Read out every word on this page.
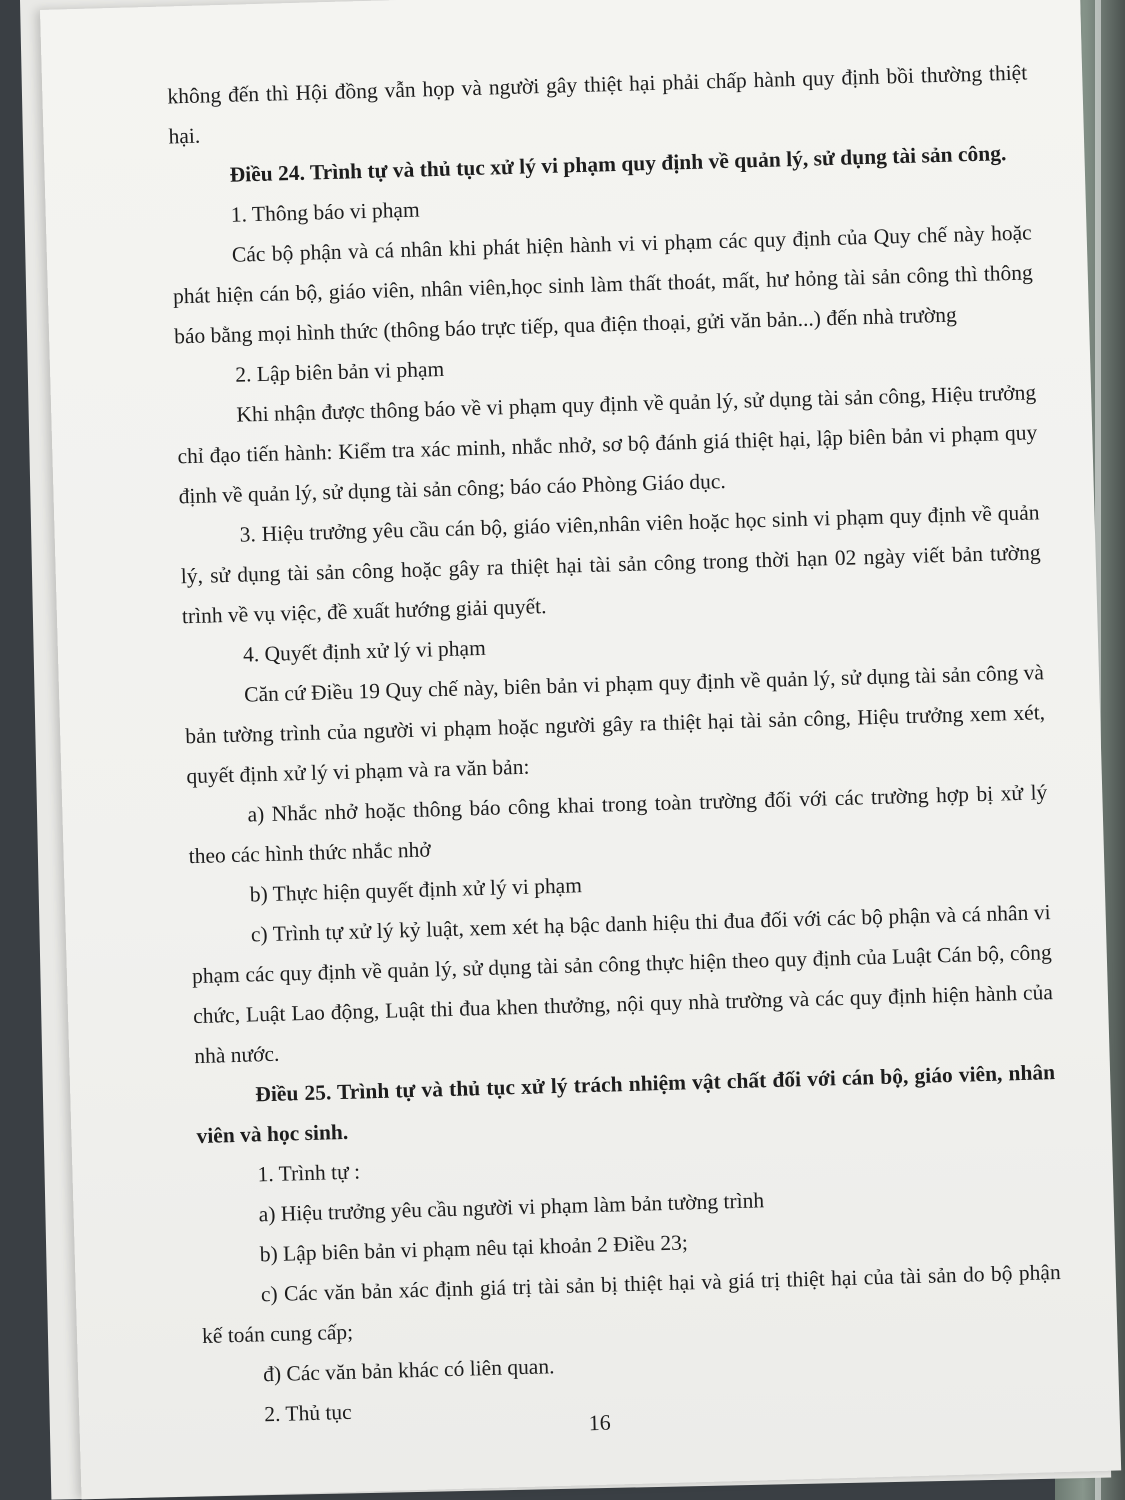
không đến thì Hội đồng vẫn họp và người gây thiệt hại phải chấp hành quy định bồi thường thiệt hại.

Điều 24. Trình tự và thủ tục xử lý vi phạm quy định về quản lý, sử dụng tài sản công.

1. Thông báo vi phạm

Các bộ phận và cá nhân khi phát hiện hành vi vi phạm các quy định của Quy chế này hoặc phát hiện cán bộ, giáo viên, nhân viên,học sinh làm thất thoát, mất, hư hỏng tài sản công thì thông báo bằng mọi hình thức (thông báo trực tiếp, qua điện thoại, gửi văn bản...) đến nhà trường

2. Lập biên bản vi phạm

Khi nhận được thông báo về vi phạm quy định về quản lý, sử dụng tài sản công, Hiệu trưởng chỉ đạo tiến hành: Kiểm tra xác minh, nhắc nhở, sơ bộ đánh giá thiệt hại, lập biên bản vi phạm quy định về quản lý, sử dụng tài sản công; báo cáo Phòng Giáo dục.

3. Hiệu trưởng yêu cầu cán bộ, giáo viên,nhân viên hoặc học sinh vi phạm quy định về quản lý, sử dụng tài sản công hoặc gây ra thiệt hại tài sản công trong thời hạn 02 ngày viết bản tường trình về vụ việc, đề xuất hướng giải quyết.

4. Quyết định xử lý vi phạm

Căn cứ Điều 19 Quy chế này, biên bản vi phạm quy định về quản lý, sử dụng tài sản công và bản tường trình của người vi phạm hoặc người gây ra thiệt hại tài sản công, Hiệu trưởng xem xét, quyết định xử lý vi phạm và ra văn bản:

a) Nhắc nhở hoặc thông báo công khai trong toàn trường đối với các trường hợp bị xử lý theo các hình thức nhắc nhở

b) Thực hiện quyết định xử lý vi phạm

c) Trình tự xử lý kỷ luật, xem xét hạ bậc danh hiệu thi đua đối với các bộ phận và cá nhân vi phạm các quy định về quản lý, sử dụng tài sản công thực hiện theo quy định của Luật Cán bộ, công chức, Luật Lao động, Luật thi đua khen thưởng, nội quy nhà trường và các quy định hiện hành của nhà nước.

Điều 25. Trình tự và thủ tục xử lý trách nhiệm vật chất đối với cán bộ, giáo viên, nhân viên và học sinh.

1. Trình tự :

a) Hiệu trưởng yêu cầu người vi phạm làm bản tường trình

b) Lập biên bản vi phạm nêu tại khoản 2 Điều 23;

c) Các văn bản xác định giá trị tài sản bị thiệt hại và giá trị thiệt hại của tài sản do bộ phận kế toán cung cấp;

đ) Các văn bản khác có liên quan.

2. Thủ tục	16
